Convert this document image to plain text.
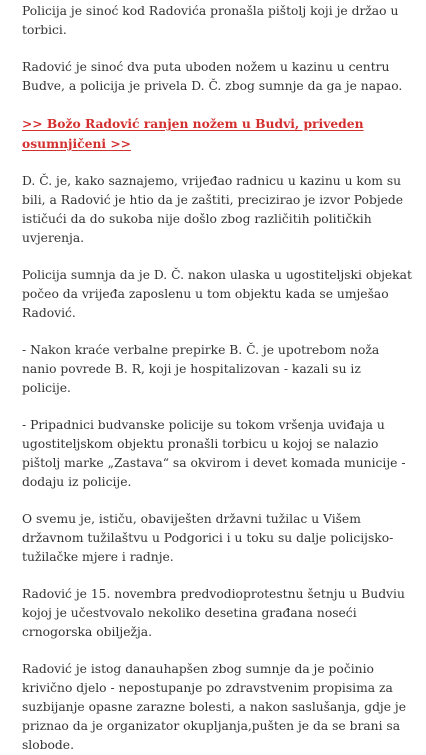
Policija je sinoć kod Radovića pronašla pištolj koji je držao u torbici.

Radović je sinoć dva puta uboden nožem u kazinu u centru Budve, a policija je privela D. Č. zbog sumnje da ga je napao.

>> Božo Radović ranjen nožem u Budvi, priveden osumnjičeni >>

D. Č. je, kako saznajemo, vrijeđao radnicu u kazinu u kom su bili, a Radović je htio da je zaštiti, precizirao je izvor Pobjede ističući da do sukoba nije došlo zbog različitih političkih uvjerenja.

Policija sumnja da je D. Č. nakon ulaska u ugostiteljski objekat počeo da vrijeđa zaposlenu u tom objektu kada se umješao Radović.

- Nakon kraće verbalne prepirke B. Č. je upotrebom noža nanio povrede B. R, koji je hospitalizovan - kazali su iz policije.

- Pripadnici budvanske policije su tokom vršenja uviđaja u ugostiteljskom objektu pronašli torbicu u kojoj se nalazio pištolj marke „Zastava“ sa okvirom i devet komada municije - dodaju iz policije.

O svemu je, ističu, obaviješten državni tužilac u Višem državnom tužilaštvu u Podgorici i u toku su dalje policijsko- tužilačke mjere i radnje.

Radović je 15. novembra predvodioprotestnu šetnju u Budviu kojoj je učestvovalo nekoliko desetina građana noseći crnogorska obilježja.

Radović je istog danauhapšen zbog sumnje da je počinio krivično djelo - nepostupanje po zdravstvenim propisima za suzbijanje opasne zarazne bolesti, a nakon saslušanja, gdje je priznao da je organizator okupljanja,pušten je da se brani sa slobode.
